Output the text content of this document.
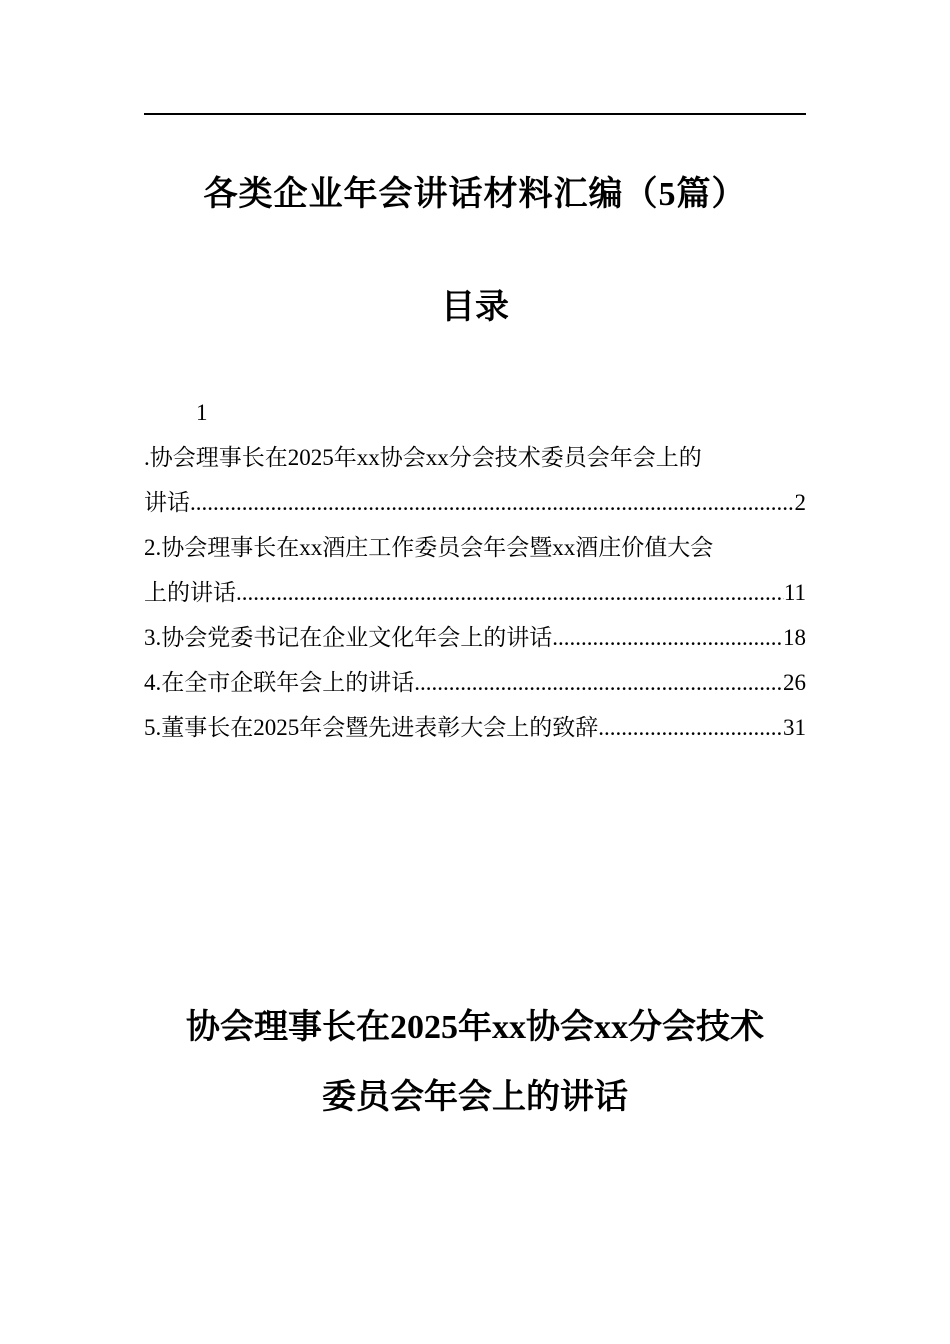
各类企业年会讲话材料汇编（5篇）
目录
1
.协会理事长在2025年xx协会xx分会技术委员会年会上的
讲话 .....	2
2.协会理事长在xx酒庄工作委员会年会暨xx酒庄价值大会
上的讲话 .....	11
3.协会党委书记在企业文化年会上的讲话 .....	18
4.在全市企联年会上的讲话 .....	26
5.董事长在2025年会暨先进表彰大会上的致辞 .....	31
协会理事长在2025年xx协会xx分会技术
委员会年会上的讲话
